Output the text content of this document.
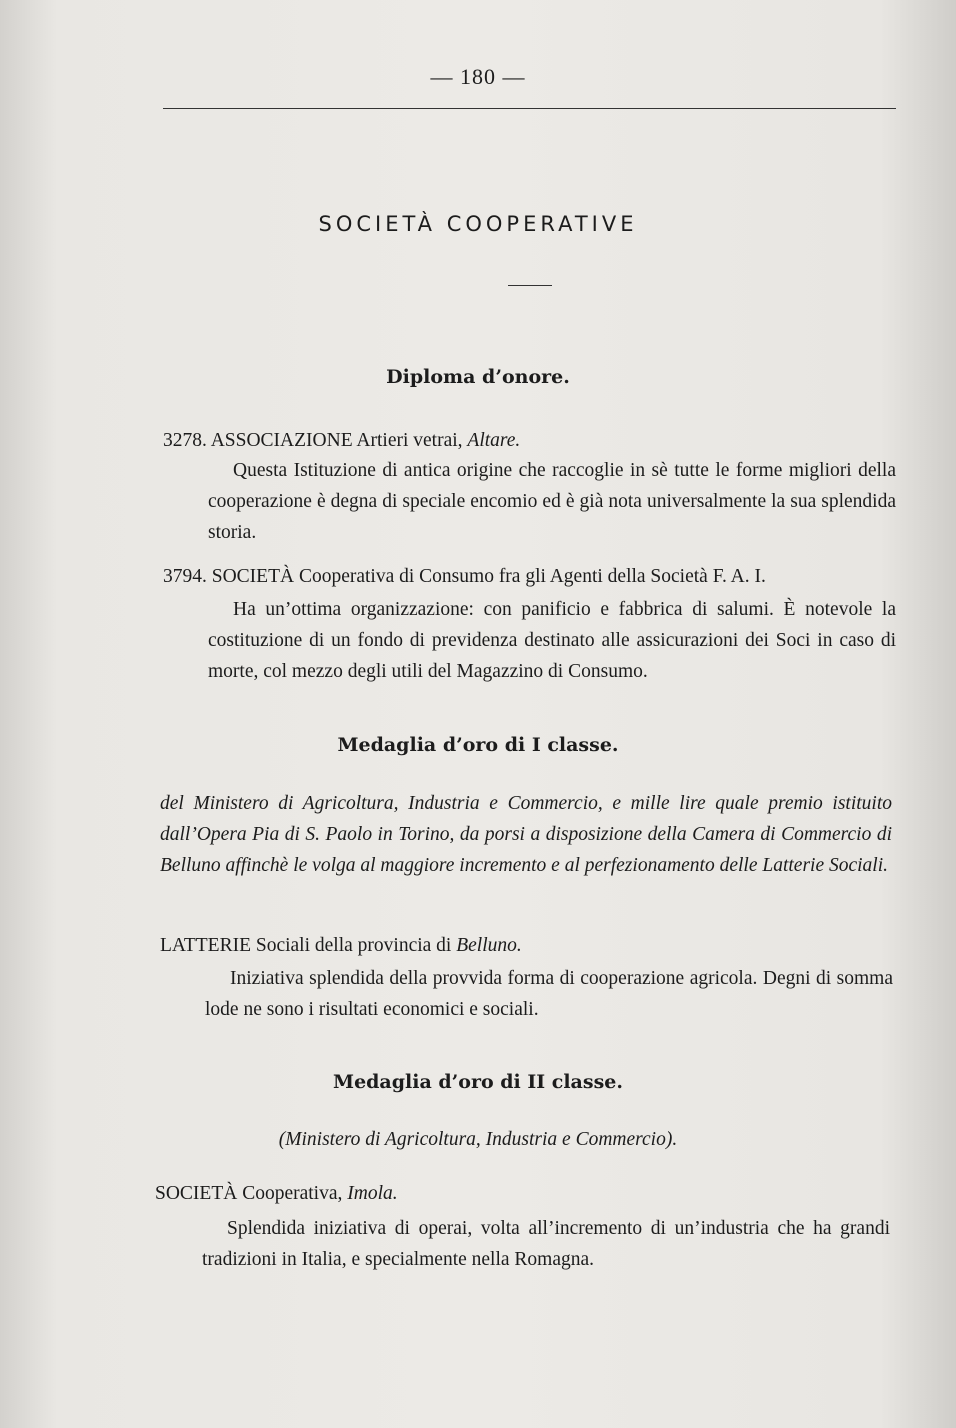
— 180 —
SOCIETÀ COOPERATIVE
Diploma d’onore.
3278. ASSOCIAZIONE Artieri vetrai, Altare.
Questa Istituzione di antica origine che raccoglie in sè tutte le forme migliori della cooperazione è degna di speciale encomio ed è già nota universalmente la sua splendida storia.
3794. SOCIETÀ Cooperativa di Consumo fra gli Agenti della Società F. A. I.
Ha un’ottima organizzazione: con panificio e fabbrica di salumi. È notevole la costituzione di un fondo di previdenza destinato alle assicurazioni dei Soci in caso di morte, col mezzo degli utili del Magazzino di Consumo.
Medaglia d’oro di I classe.
del Ministero di Agricoltura, Industria e Commercio, e mille lire quale premio istituito dall’Opera Pia di S. Paolo in Torino, da porsi a disposizione della Camera di Commercio di Belluno affinchè le volga al maggiore incremento e al perfezionamento delle Latterie Sociali.
LATTERIE Sociali della provincia di Belluno.
Iniziativa splendida della provvida forma di cooperazione agricola. Degni di somma lode ne sono i risultati economici e sociali.
Medaglia d’oro di II classe.
(Ministero di Agricoltura, Industria e Commercio).
SOCIETÀ Cooperativa, Imola.
Splendida iniziativa di operai, volta all’incremento di un’industria che ha grandi tradizioni in Italia, e specialmente nella Romagna.
